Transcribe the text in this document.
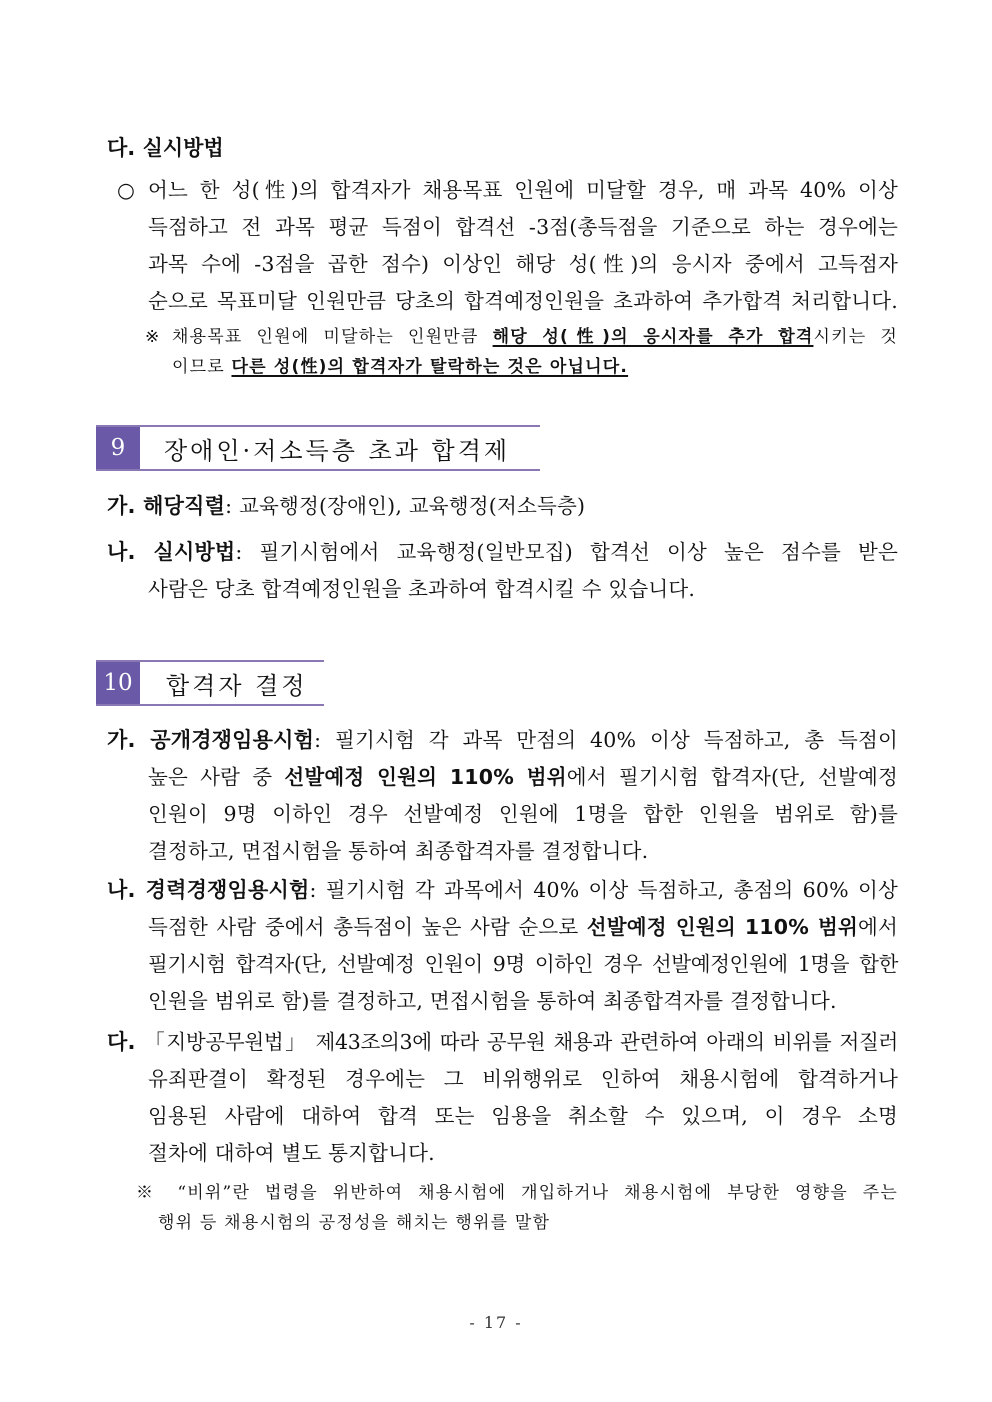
다. 실시방법
○ 어느 한 성(性)의 합격자가 채용목표 인원에 미달할 경우, 매 과목 40% 이상
득점하고 전 과목 평균 득점이 합격선 -3점(총득점을 기준으로 하는 경우에는
과목 수에 -3점을 곱한 점수) 이상인 해당 성(性)의 응시자 중에서 고득점자
순으로 목표미달 인원만큼 당초의 합격예정인원을 초과하여 추가합격 처리합니다.
※ 채용목표 인원에 미달하는 인원만큼 해당 성(性)의 응시자를 추가 합격시키는 것
이므로 다른 성(性)의 합격자가 탈락하는 것은 아닙니다.
9	장애인·저소득층 초과 합격제
가. 해당직렬: 교육행정(장애인), 교육행정(저소득층)
나. 실시방법: 필기시험에서 교육행정(일반모집) 합격선 이상 높은 점수를 받은
사람은 당초 합격예정인원을 초과하여 합격시킬 수 있습니다.
10	합격자 결정
가. 공개경쟁임용시험: 필기시험 각 과목 만점의 40% 이상 득점하고, 총 득점이
높은 사람 중 선발예정 인원의 110% 범위에서 필기시험 합격자(단, 선발예정
인원이 9명 이하인 경우 선발예정 인원에 1명을 합한 인원을 범위로 함)를
결정하고, 면접시험을 통하여 최종합격자를 결정합니다.
나. 경력경쟁임용시험: 필기시험 각 과목에서 40% 이상 득점하고, 총점의 60% 이상
득점한 사람 중에서 총득점이 높은 사람 순으로 선발예정 인원의 110% 범위에서
필기시험 합격자(단, 선발예정 인원이 9명 이하인 경우 선발예정인원에 1명을 합한
인원을 범위로 함)를 결정하고, 면접시험을 통하여 최종합격자를 결정합니다.
다. 「지방공무원법」 제43조의3에 따라 공무원 채용과 관련하여 아래의 비위를 저질러
유죄판결이 확정된 경우에는 그 비위행위로 인하여 채용시험에 합격하거나
임용된 사람에 대하여 합격 또는 임용을 취소할 수 있으며, 이 경우 소명
절차에 대하여 별도 통지합니다.
※ “비위”란 법령을 위반하여 채용시험에 개입하거나 채용시험에 부당한 영향을 주는
행위 등 채용시험의 공정성을 해치는 행위를 말함
- 17 -
